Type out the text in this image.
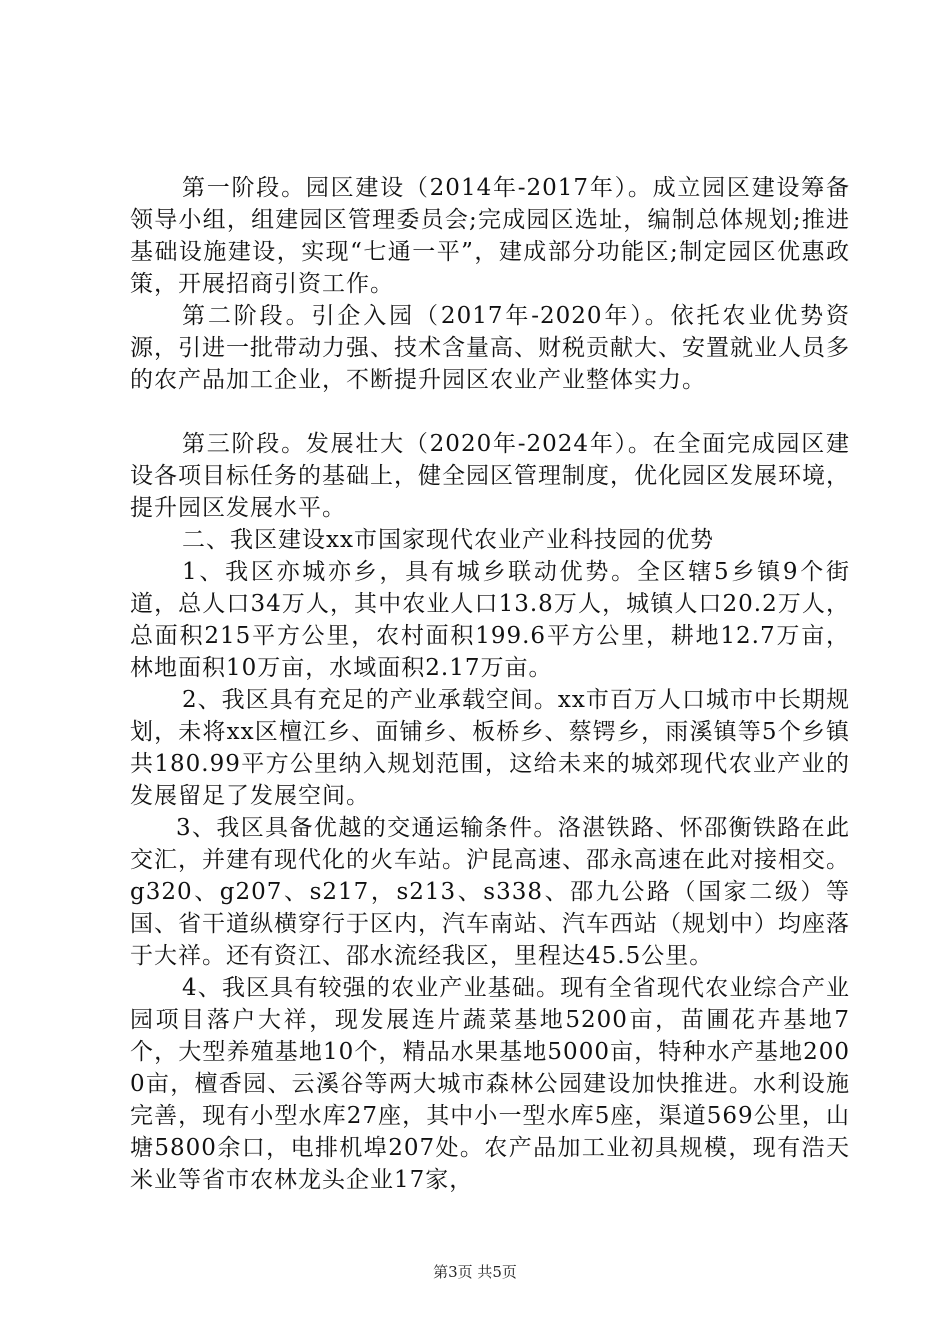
第一阶段。园区建设（2014年-2017年）。成立园区建设筹备领导小组，组建园区管理委员会;完成园区选址，编制总体规划;推进基础设施建设，实现“七通一平”，建成部分功能区;制定园区优惠政策，开展招商引资工作。

第二阶段。引企入园（2017年-2020年）。依托农业优势资源，引进一批带动力强、技术含量高、财税贡献大、安置就业人员多的农产品加工企业，不断提升园区农业产业整体实力。

第三阶段。发展壮大（2020年-2024年）。在全面完成园区建设各项目标任务的基础上，健全园区管理制度，优化园区发展环境，提升园区发展水平。

二、我区建设xx市国家现代农业产业科技园的优势

1、我区亦城亦乡，具有城乡联动优势。全区辖5乡镇9个街道，总人口34万人，其中农业人口13.8万人，城镇人口20.2万人，总面积215平方公里，农村面积199.6平方公里，耕地12.7万亩，林地面积10万亩，水域面积2.17万亩。

2、我区具有充足的产业承载空间。xx市百万人口城市中长期规划，未将xx区檀江乡、面铺乡、板桥乡、蔡锷乡，雨溪镇等5个乡镇共180.99平方公里纳入规划范围，这给未来的城郊现代农业产业的发展留足了发展空间。

3、我区具备优越的交通运输条件。洛湛铁路、怀邵衡铁路在此交汇，并建有现代化的火车站。沪昆高速、邵永高速在此对接相交。g320、g207、s217，s213、s338、邵九公路（国家二级）等国、省干道纵横穿行于区内，汽车南站、汽车西站（规划中）均座落于大祥。还有资江、邵水流经我区，里程达45.5公里。

4、我区具有较强的农业产业基础。现有全省现代农业综合产业园项目落户大祥，现发展连片蔬菜基地5200亩，苗圃花卉基地7个，大型养殖基地10个，精品水果基地5000亩，特种水产基地2000亩，檀香园、云溪谷等两大城市森林公园建设加快推进。水利设施完善，现有小型水库27座，其中小一型水库5座，渠道569公里，山塘5800余口，电排机埠207处。农产品加工业初具规模，现有浩天米业等省市农林龙头企业17家，

第3页 共5页
